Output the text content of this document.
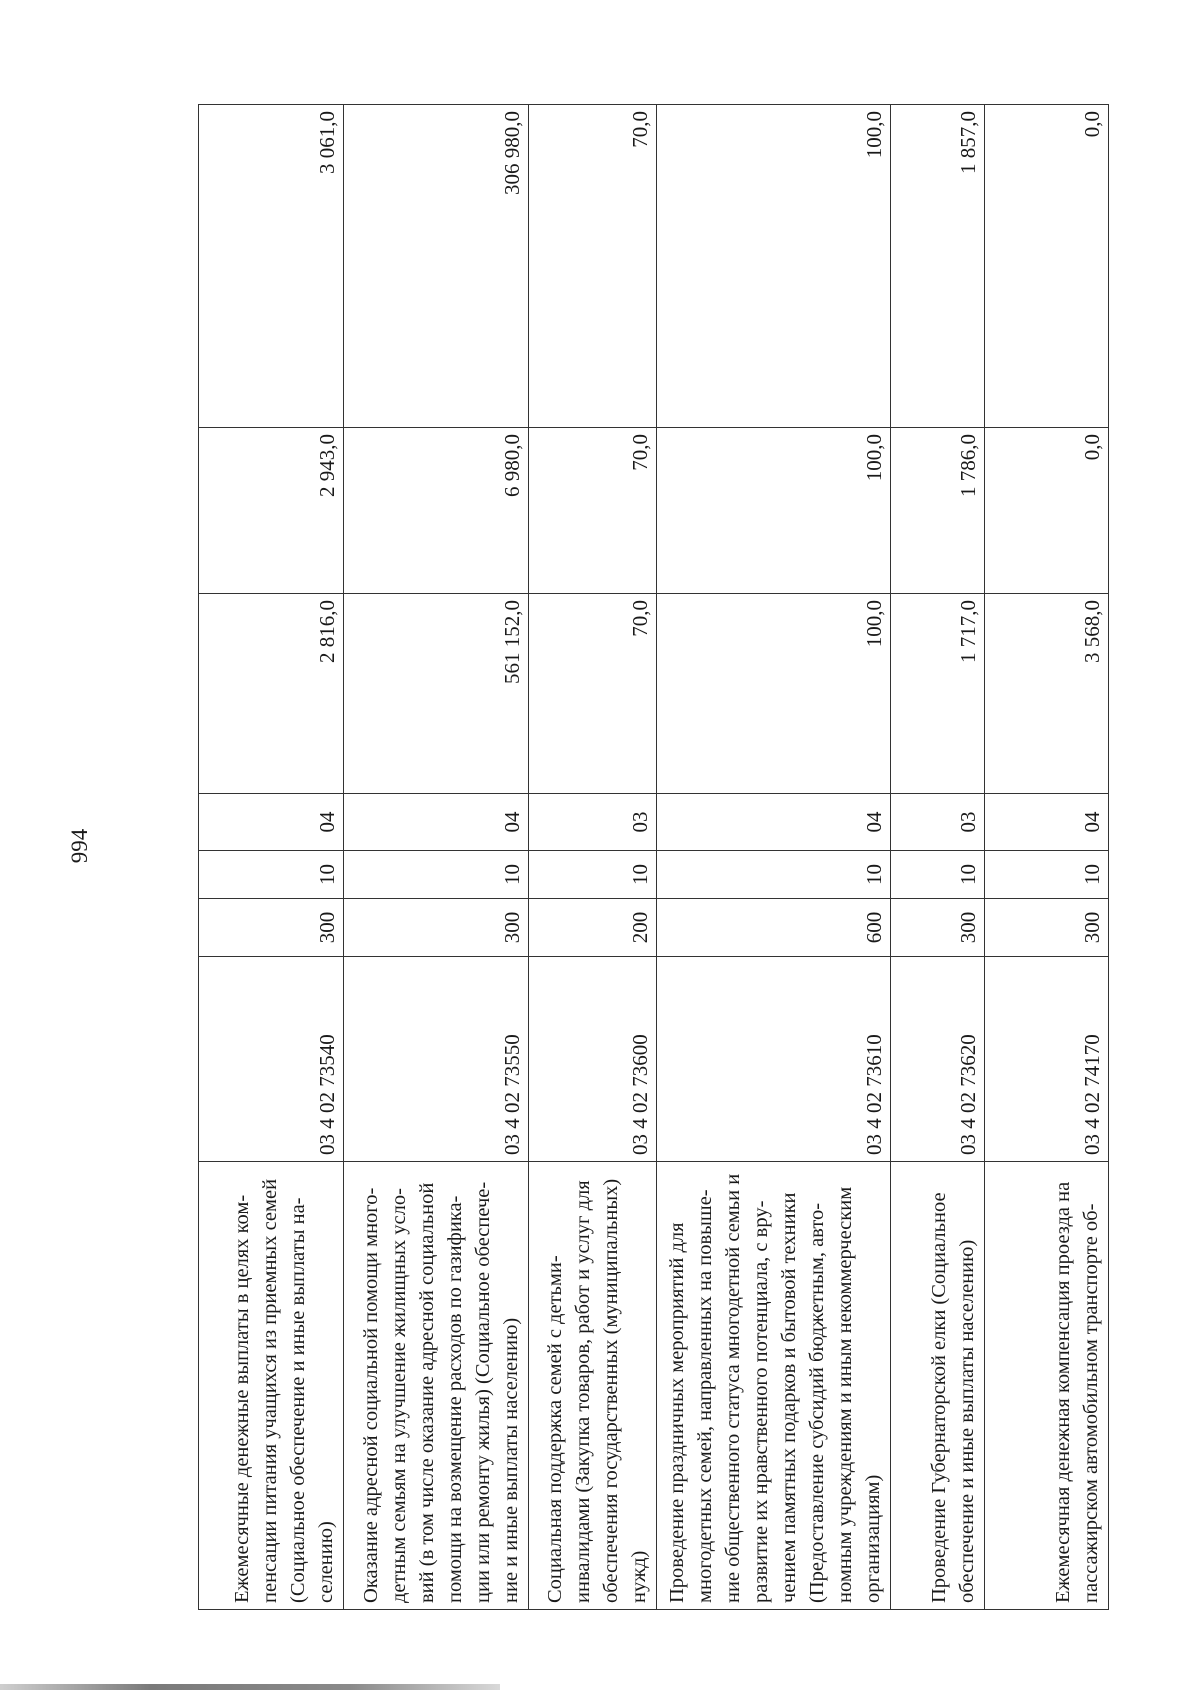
994
Ежемесячные денежные выплаты в целях ком-пенсации питания учащихся из приемных семей (Социальное обеспечение и иные выплаты на-селению)	03 4 02 73540	300	10	04	2 816,0	2 943,0	3 061,0
Оказание адресной социальной помощи много-детным семьям на улучшение жилищных усло-вий (в том числе оказание адресной социальной помощи на возмещение расходов по газифика-ции или ремонту жилья) (Социальное обеспече-ние и иные выплаты населению)	03 4 02 73550	300	10	04	561 152,0	6 980,0	306 980,0
Социальная поддержка семей с детьми-инвалидами (Закупка товаров, работ и услуг для обеспечения государственных (муниципальных) нужд)	03 4 02 73600	200	10	03	70,0	70,0	70,0
Проведение праздничных мероприятий для многодетных семей, направленных на повыше-ние общественного статуса многодетной семьи и развитие их нравственного потенциала, с вру-чением памятных подарков и бытовой техники (Предоставление субсидий бюджетным, авто-номным учреждениям и иным некоммерческим организациям)	03 4 02 73610	600	10	04	100,0	100,0	100,0
Проведение Губернаторской елки (Социальное обеспечение и иные выплаты населению)	03 4 02 73620	300	10	03	1 717,0	1 786,0	1 857,0
Ежемесячная денежная компенсация проезда на пассажирском автомобильном транспорте об-	03 4 02 74170	300	10	04	3 568,0	0,0	0,0
